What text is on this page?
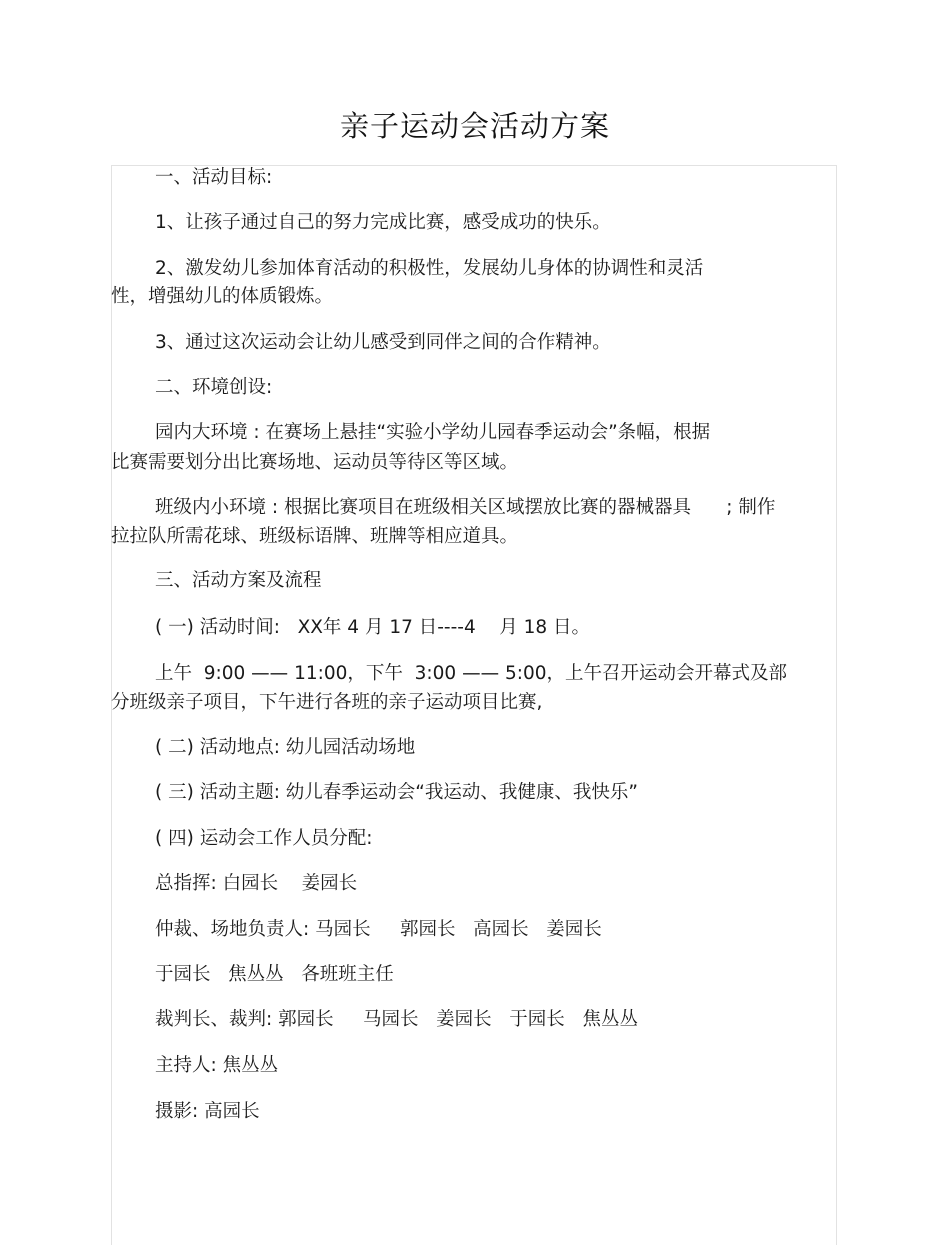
亲子运动会活动方案
一、活动目标:
1、让孩子通过自己的努力完成比赛，感受成功的快乐。
2、激发幼儿参加体育活动的积极性，发展幼儿身体的协调性和灵活
性，增强幼儿的体质锻炼。
3、通过这次运动会让幼儿感受到同伴之间的合作精神。
二、环境创设:
园内大环境 : 在赛场上悬挂“实验小学幼儿园春季运动会”条幅，根据
比赛需要划分出比赛场地、运动员等待区等区域。
班级内小环境 : 根据比赛项目在班级相关区域摆放比赛的器械器具      ; 制作
拉拉队所需花球、班级标语牌、班牌等相应道具。
三、活动方案及流程
( 一) 活动时间:   XX年 4 月 17 日----4    月 18 日。
上午  9:00 —— 11:00，下午  3:00 —— 5:00，上午召开运动会开幕式及部
分班级亲子项目，下午进行各班的亲子运动项目比赛,
( 二) 活动地点: 幼儿园活动场地
( 三) 活动主题: 幼儿春季运动会“我运动、我健康、我快乐”
( 四) 运动会工作人员分配:
总指挥: 白园长    姜园长
仲裁、场地负责人: 马园长     郭园长   高园长   姜园长
于园长   焦丛丛   各班班主任
裁判长、裁判: 郭园长     马园长   姜园长   于园长   焦丛丛
主持人: 焦丛丛
摄影: 高园长
